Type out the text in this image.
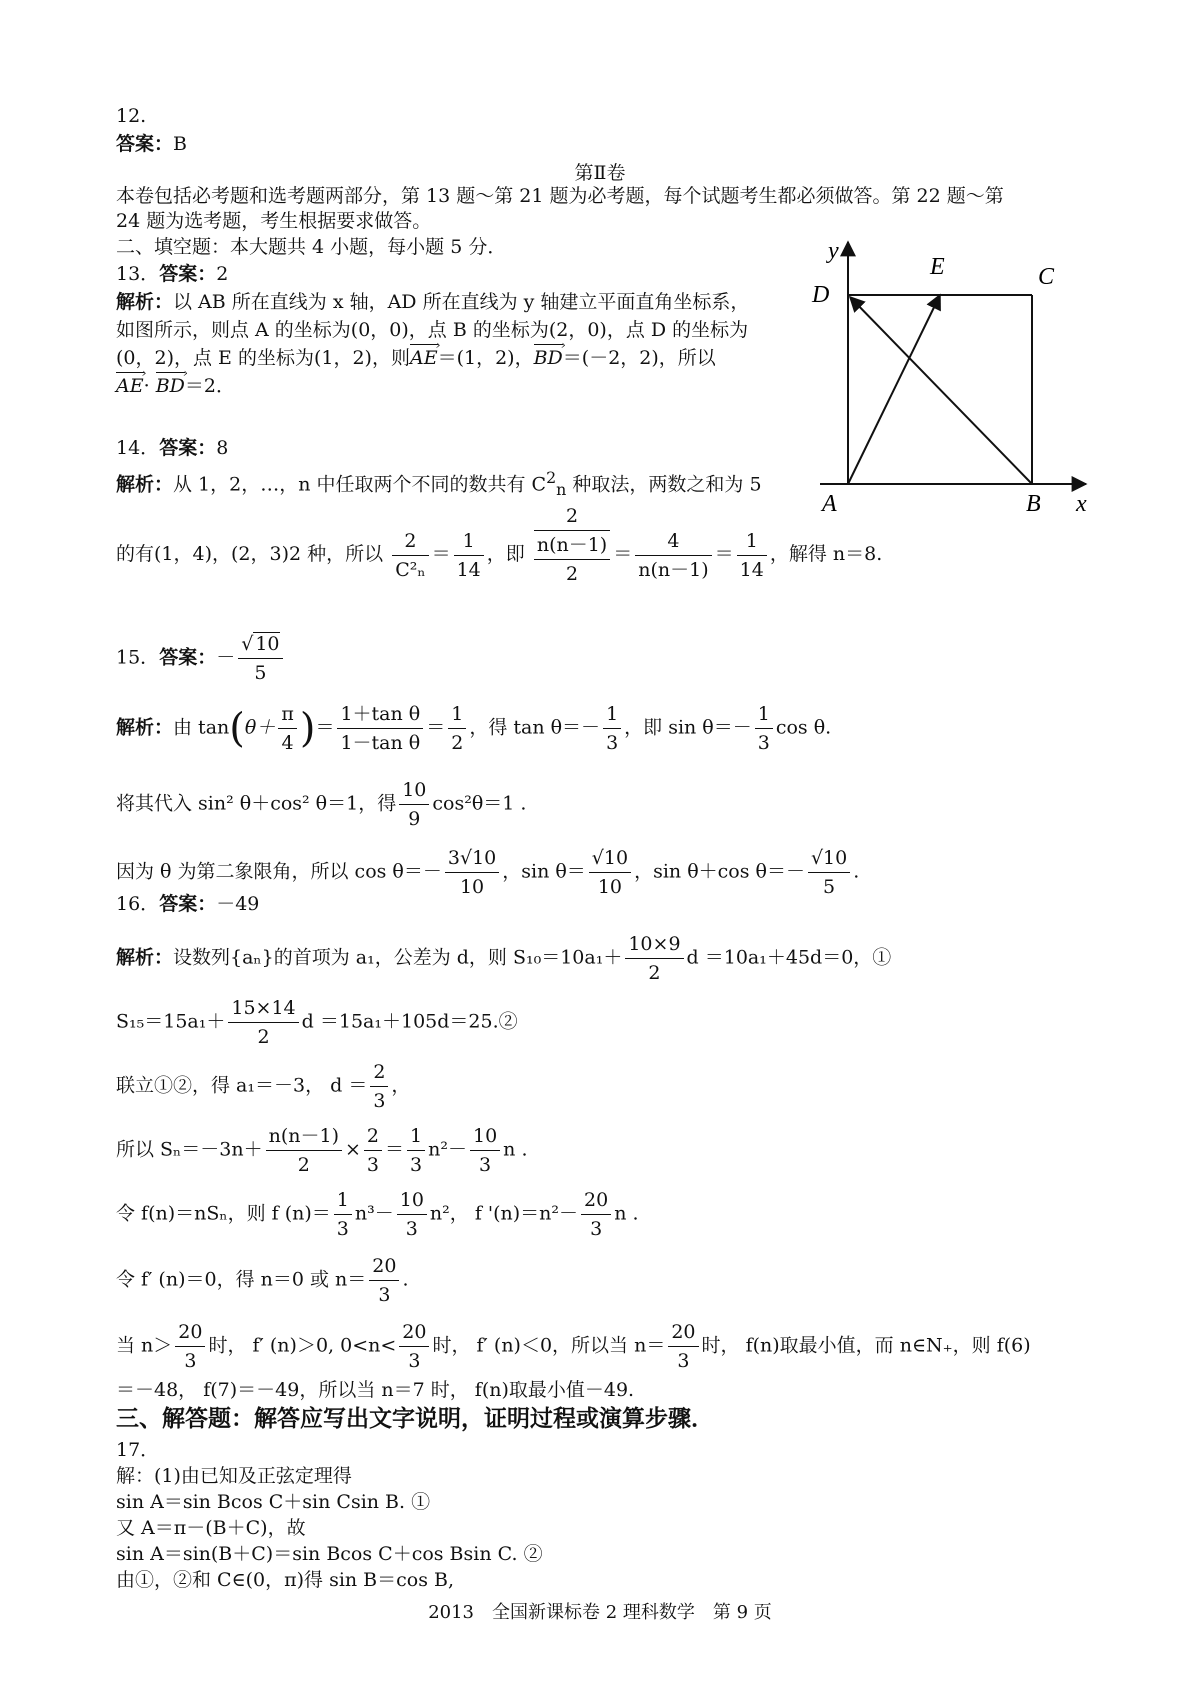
12.
答案：B
第Ⅱ卷
本卷包括必考题和选考题两部分，第 13 题～第 21 题为必考题，每个试题考生都必须做答。第 22 题～第
24 题为选考题，考生根据要求做答。
二、填空题：本大题共 4 小题，每小题 5 分．
13．答案：2
解析：以 AB 所在直线为 x 轴，AD 所在直线为 y 轴建立平面直角坐标系，
如图所示，则点 A 的坐标为(0，0)，点 B 的坐标为(2，0)，点 D 的坐标为
(0，2)，点 E 的坐标为(1，2)，则AE ›＝(1，2)，BD ›＝(－2，2)，所以
AE ›· BD ›＝2．
y
D
E	C
A	B x
14．答案：8
解析：从 1，2，…，n 中任取两个不同的数共有 $C^2_n$ 种取法，两数之和为 5
的有(1，4)，(2，3)2 种，所以 $\frac{2}{\text{C²ₙ}} = \frac{1}{14}$ ，即
2
n(n－1)
2
＝ $\frac{4}{n(n-1)} = \frac{1}{14}$ ，解得 n＝8.
15．答案：－ $\frac{√ 10}{5}$
解析：由 $\tan(\theta+ \frac{\pi}{4}$ )＝ $\frac{\text{1＋tan θ}}{\text{1－tan θ}} = \frac{1}{2}$ ，得 $\tan \theta=- \frac{1}{3}$ ，即 $\sin \theta=- \frac{1}{3}$ cos θ.
将其代入 sin² θ＋cos² θ＝1，得 $\frac{10}{9} \cos^2\theta=1$ .
因为 θ 为第二象限角，所以 $\cos \theta=- \frac{3√10}{10}$ ，$\sin \theta= \frac{√10}{10}$ ，sin θ＋cos $\theta=- \frac{√10}{5}$ .
16．答案：－49
解析：设数列{aₙ}的首项为 a₁，公差为 d，则 $S_{10}=10a_1+ \frac{10\times 9}{2}$ d ＝10a₁＋45d＝0，①
$S_{15}=15a_1+ \frac{15\times 14}{2}$ d ＝15a₁＋105d＝25.②
联立①②，得 a₁＝－3， $d = \frac{2}{3}$ ，
所以 $S_n=-3n+ \frac{n(n-1)}{2} \times \frac{2}{3} = \frac{1}{3} n^2- \frac{10}{3}$ n .
令 f(n)＝nSₙ，则 f $(n)= \frac{1}{3} n^3- \frac{10}{3} n^2$， f '$(n)=n^2- \frac{20}{3}$ n .
令 f′ (n)＝0，得 n＝0 或 $n= \frac{20}{3}$ .
当 $n> \frac{20}{3}$ 时， f′ (n)＞0, $0<n< \frac{20}{3}$ 时， f′ (n)＜0，所以当 $n= \frac{20}{3}$ 时， f(n)取最小值，而 n∈N₊，则 f(6)
＝－48， f(7)＝－49，所以当 n＝7 时， f(n)取最小值－49.
三、解答题：解答应写出文字说明，证明过程或演算步骤．
17．
解：(1)由已知及正弦定理得
sin A＝sin Bcos C＋sin Csin B. ①
又 A＝π－(B＋C)，故
sin A＝sin(B＋C)＝sin Bcos C＋cos Bsin C. ②
由①，②和 C∈(0，π)得 sin B＝cos B,
2013　全国新课标卷 2 理科数学　第 9 页
